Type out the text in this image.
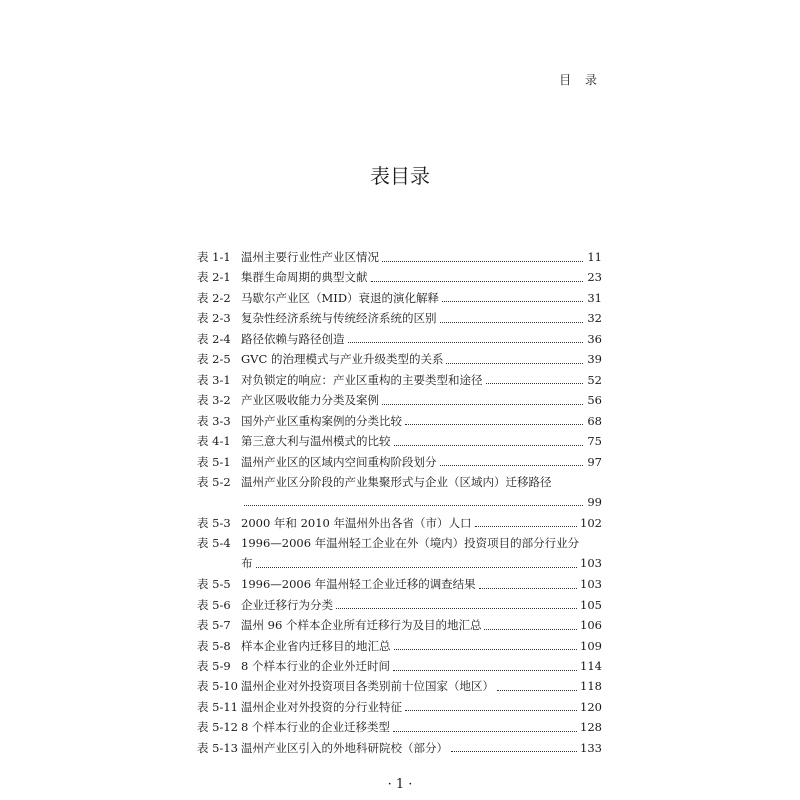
目 录
表目录
表 1-1 温州主要行业性产业区情况	11
表 2-1 集群生命周期的典型文献	23
表 2-2 马歇尔产业区（MID）衰退的演化解释	31
表 2-3 复杂性经济系统与传统经济系统的区别	32
表 2-4 路径依赖与路径创造	36
表 2-5 GVC 的治理模式与产业升级类型的关系	39
表 3-1 对负锁定的响应：产业区重构的主要类型和途径	52
表 3-2 产业区吸收能力分类及案例	56
表 3-3 国外产业区重构案例的分类比较	68
表 4-1 第三意大利与温州模式的比较	75
表 5-1 温州产业区的区域内空间重构阶段划分	97
表 5-2 温州产业区分阶段的产业集聚形式与企业（区域内）迁移路径
99
表 5-3 2000 年和 2010 年温州外出各省（市）人口	102
表 5-4 1996—2006 年温州轻工企业在外（境内）投资项目的部分行业分
布	103
表 5-5 1996—2006 年温州轻工企业迁移的调查结果	103
表 5-6 企业迁移行为分类	105
表 5-7 温州 96 个样本企业所有迁移行为及目的地汇总	106
表 5-8 样本企业省内迁移目的地汇总	109
表 5-9 8 个样本行业的企业外迁时间	114
表 5-10 温州企业对外投资项目各类别前十位国家（地区）	118
表 5-11 温州企业对外投资的分行业特征	120
表 5-12 8 个样本行业的企业迁移类型	128
表 5-13 温州产业区引入的外地科研院校（部分）	133
· 1 ·
